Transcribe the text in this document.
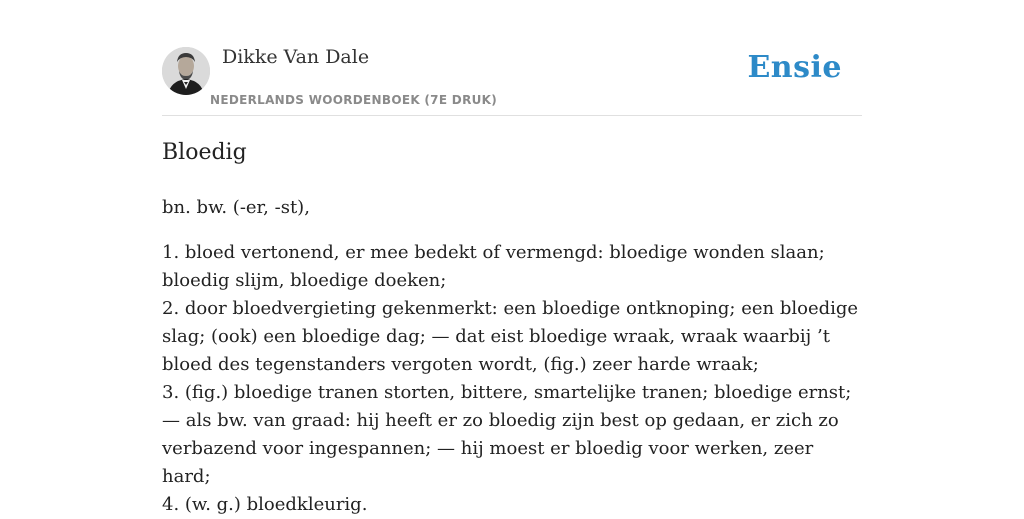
Dikke Van Dale
NEDERLANDS WOORDENBOEK (7E DRUK)
Ensie
Bloedig
bn. bw. (-er, -st),
1. bloed vertonend, er mee bedekt of vermengd: bloedige wonden slaan; bloedig slijm, bloedige doeken;
2. door bloedvergieting gekenmerkt: een bloedige ontknoping; een bloedige slag; (ook) een bloedige dag; — dat eist bloedige wraak, wraak waarbij ’t bloed des tegenstanders vergoten wordt, (fig.) zeer harde wraak;
3. (fig.) bloedige tranen storten, bittere, smartelijke tranen; bloedige ernst; — als bw. van graad: hij heeft er zo bloedig zijn best op gedaan, er zich zo verbazend voor ingespannen; — hij moest er bloedig voor werken, zeer hard;
4. (w. g.) bloedkleurig.
